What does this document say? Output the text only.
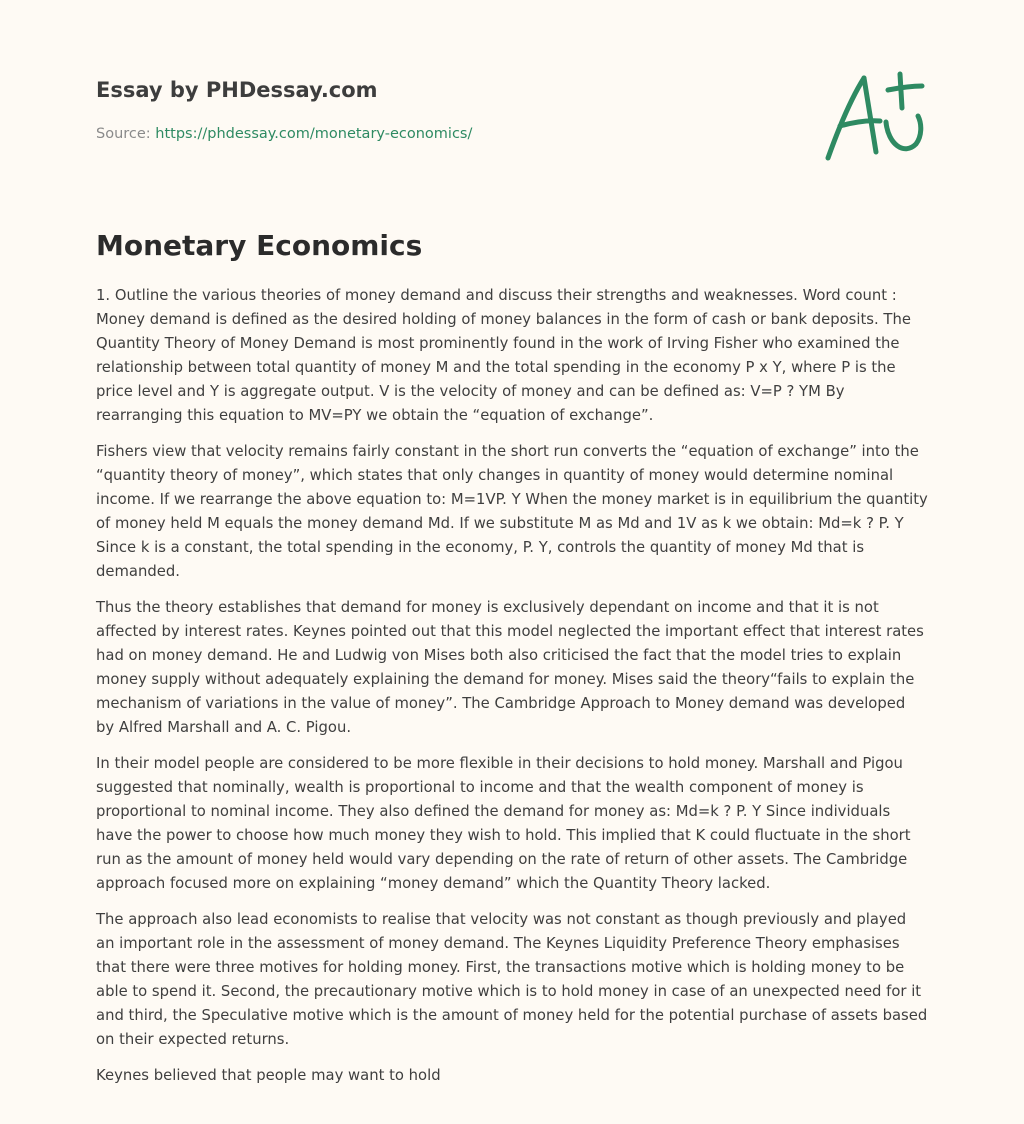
Essay by PHDessay.com
Source: https://phdessay.com/monetary-economics/
Monetary Economics

1. Outline the various theories of money demand and discuss their strengths and weaknesses. Word count : Money demand is defined as the desired holding of money balances in the form of cash or bank deposits. The Quantity Theory of Money Demand is most prominently found in the work of Irving Fisher who examined the relationship between total quantity of money M and the total spending in the economy P x Y, where P is the price level and Y is aggregate output. V is the velocity of money and can be defined as: V=P ? YM By rearranging this equation to MV=PY we obtain the “equation of exchange”.

Fishers view that velocity remains fairly constant in the short run converts the “equation of exchange” into the “quantity theory of money”, which states that only changes in quantity of money would determine nominal income. If we rearrange the above equation to: M=1VP. Y When the money market is in equilibrium the quantity of money held M equals the money demand Md. If we substitute M as Md and 1V as k we obtain: Md=k ? P. Y Since k is a constant, the total spending in the economy, P. Y, controls the quantity of money Md that is demanded.

Thus the theory establishes that demand for money is exclusively dependant on income and that it is not affected by interest rates. Keynes pointed out that this model neglected the important effect that interest rates had on money demand. He and Ludwig von Mises both also criticised the fact that the model tries to explain money supply without adequately explaining the demand for money. Mises said the theory“fails to explain the mechanism of variations in the value of money”. The Cambridge Approach to Money demand was developed by Alfred Marshall and A. C. Pigou.

In their model people are considered to be more flexible in their decisions to hold money. Marshall and Pigou suggested that nominally, wealth is proportional to income and that the wealth component of money is proportional to nominal income. They also defined the demand for money as: Md=k ? P. Y Since individuals have the power to choose how much money they wish to hold. This implied that K could fluctuate in the short run as the amount of money held would vary depending on the rate of return of other assets. The Cambridge approach focused more on explaining “money demand” which the Quantity Theory lacked.

The approach also lead economists to realise that velocity was not constant as though previously and played an important role in the assessment of money demand. The Keynes Liquidity Preference Theory emphasises that there were three motives for holding money. First, the transactions motive which is holding money to be able to spend it. Second, the precautionary motive which is to hold money in case of an unexpected need for it and third, the Speculative motive which is the amount of money held for the potential purchase of assets based on their expected returns.

Keynes believed that people may want to hold
